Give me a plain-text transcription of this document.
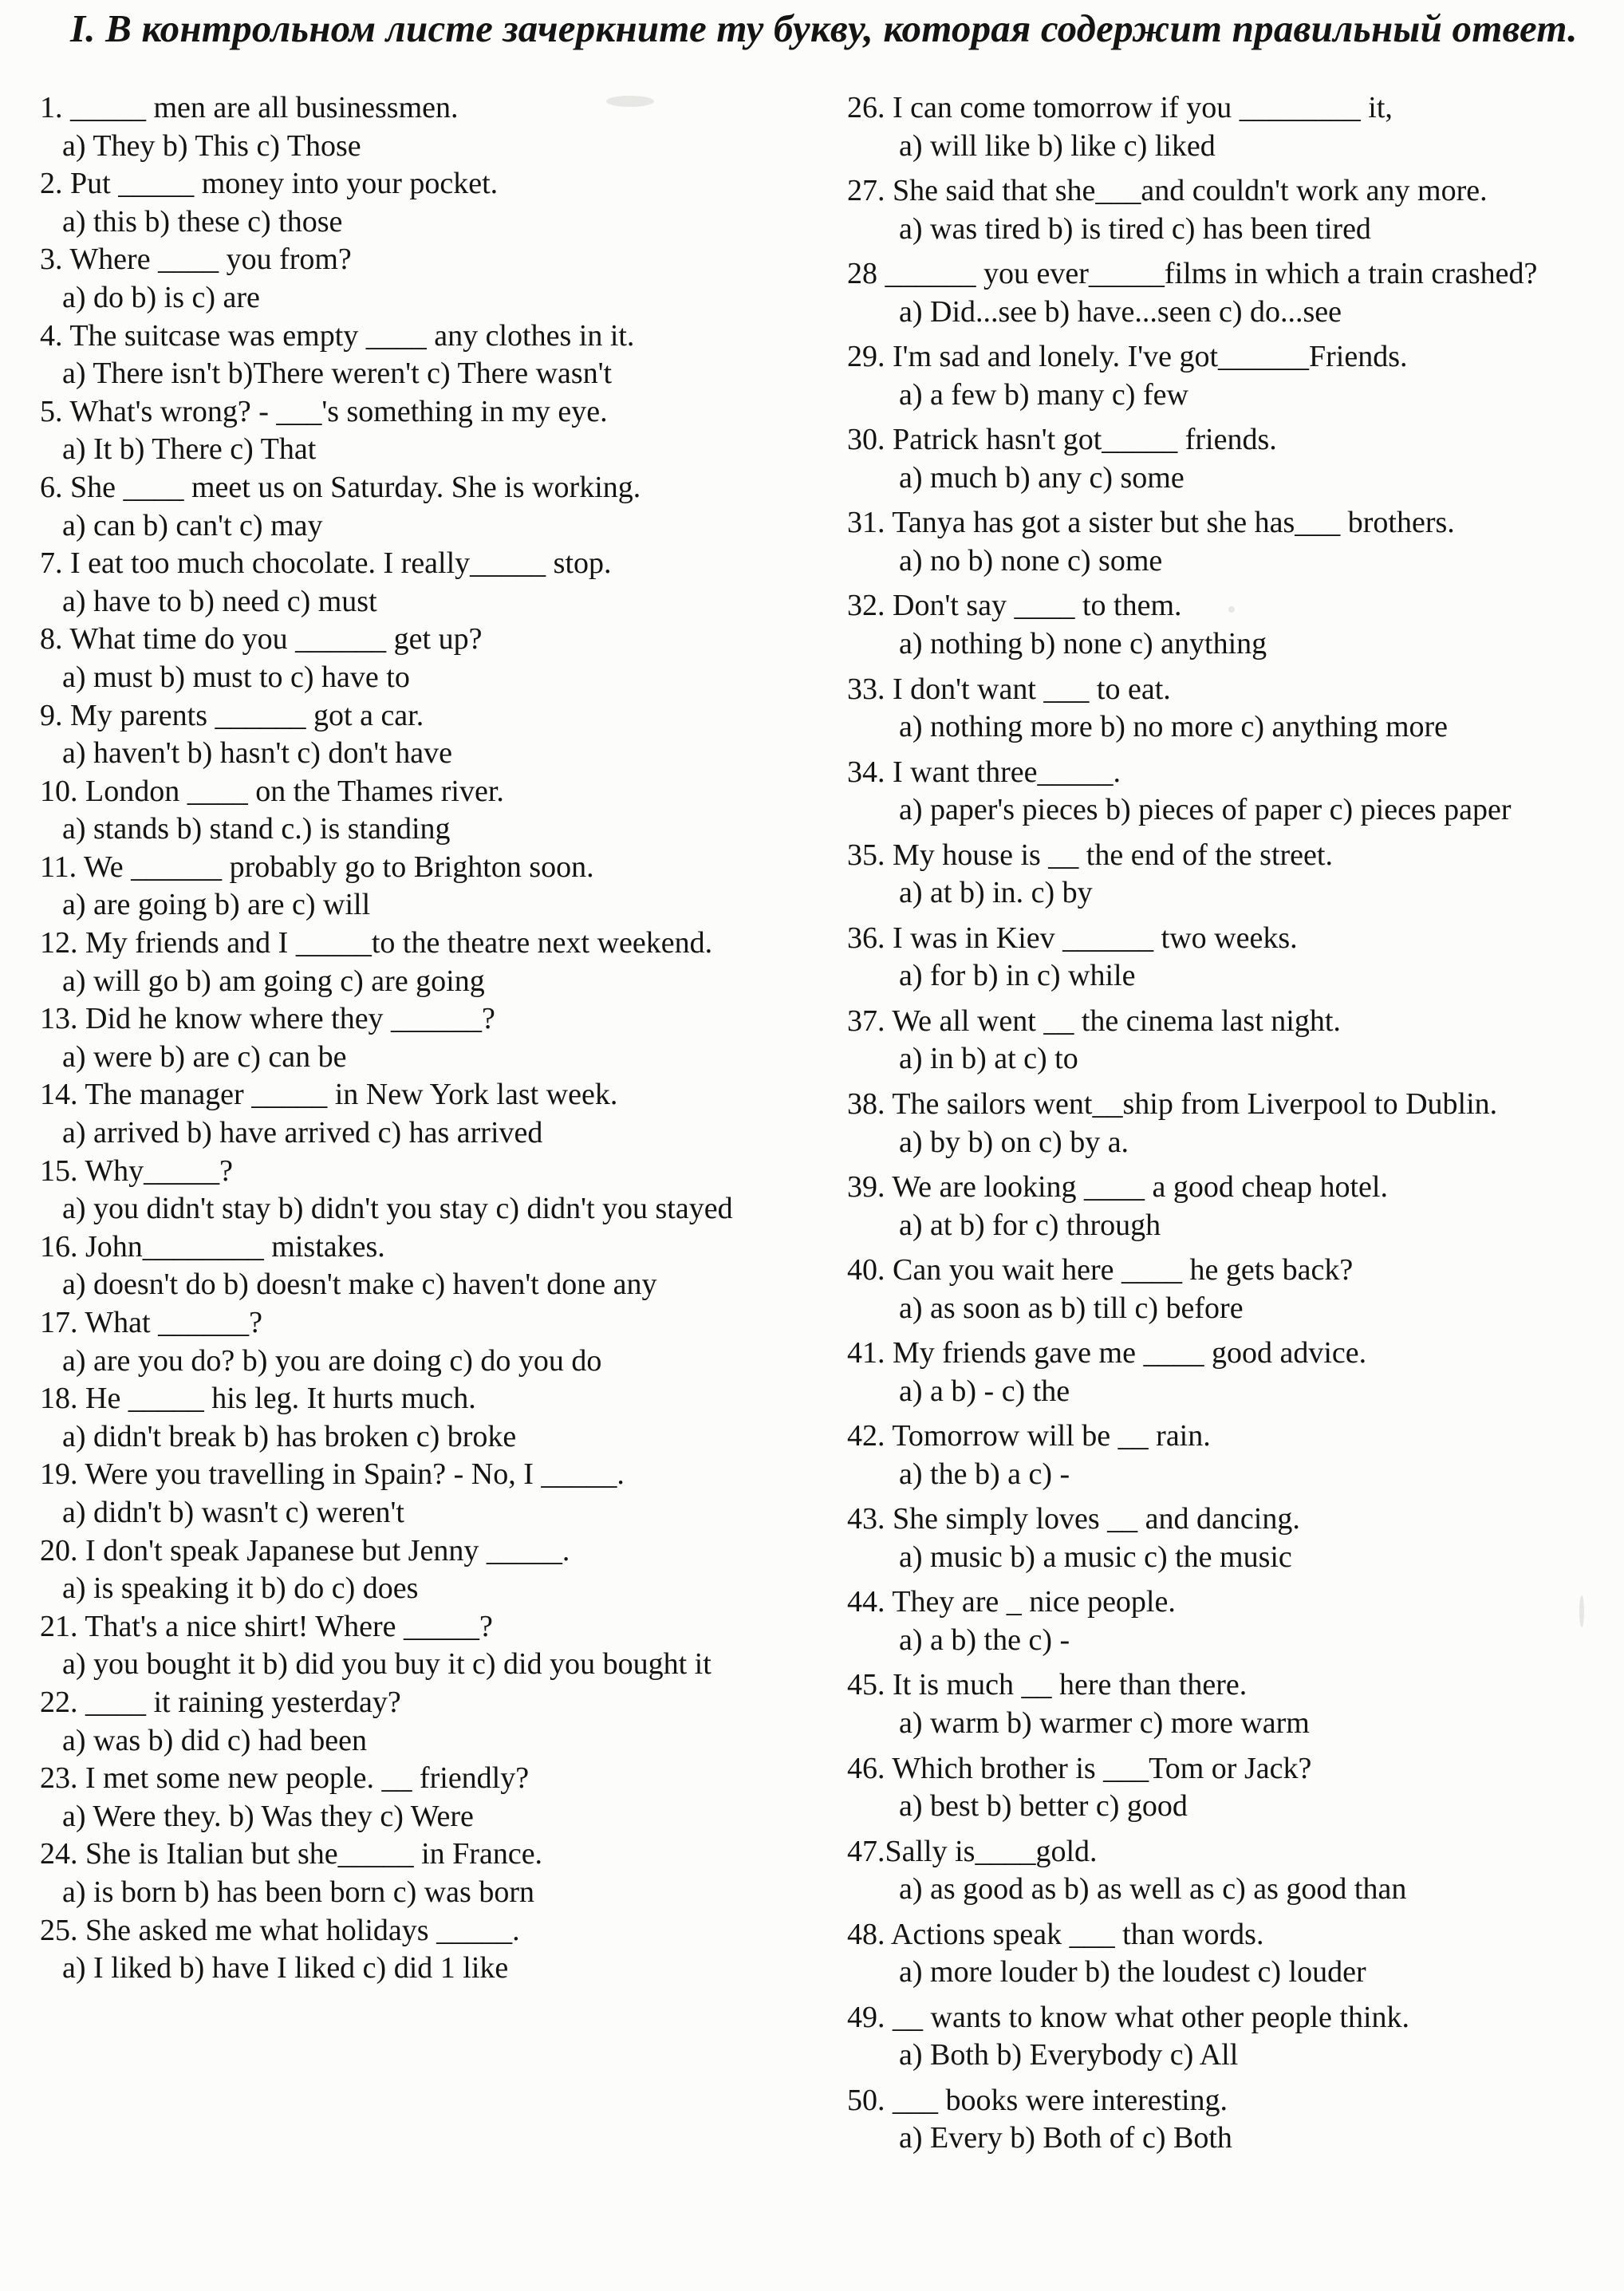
I. В контрольном листе зачеркните ту букву, которая содержит правильный ответ.
1. _____ men are all businessmen.
a) They b) This c) Those
2. Put _____ money into your pocket.
a) this b) these c) those
3. Where ____ you from?
a) do b) is c) are
4. The suitcase was empty ____ any clothes in it.
a) There isn't b)There weren't c) There wasn't
5. What's wrong? - ___'s something in my eye.
a) It b) There c) That
6. She ____ meet us on Saturday. She is working.
a) can b) can't c) may
7. I eat too much chocolate. I really_____ stop.
a) have to b) need c) must
8. What time do you ______ get up?
a) must b) must to c) have to
9. My parents ______ got a car.
a) haven't b) hasn't c) don't have
10. London ____ on the Thames river.
a) stands b) stand c.) is standing
11. We ______ probably go to Brighton soon.
a) are going b) are c) will
12. My friends and I _____to the theatre next weekend.
a) will go b) am going c) are going
13. Did he know where they ______?
a) were b) are c) can be
14. The manager _____ in New York last week.
a) arrived b) have arrived c) has arrived
15. Why_____?
a) you didn't stay b) didn't you stay c) didn't you stayed
16. John________ mistakes.
a) doesn't do b) doesn't make c) haven't done any
17. What ______?
a) are you do? b) you are doing c) do you do
18. He _____ his leg. It hurts much.
a) didn't break b) has broken c) broke
19. Were you travelling in Spain? - No, I _____.
a) didn't b) wasn't c) weren't
20. I don't speak Japanese but Jenny _____.
a) is speaking it b) do c) does
21. That's a nice shirt! Where _____?
a) you bought it b) did you buy it c) did you bought it
22. ____ it raining yesterday?
a) was b) did c) had been
23. I met some new people. __ friendly?
a) Were they. b) Was they c) Were
24. She is Italian but she_____ in France.
a) is born b) has been born c) was born
25. She asked me what holidays _____.
a) I liked b) have I liked c) did 1 like
26. I can come tomorrow if you ________ it,
a) will like b) like c) liked
27. She said that she___and couldn't work any more.
a) was tired b) is tired c) has been tired
28 ______ you ever_____films in which a train crashed?
a) Did...see b) have...seen c) do...see
29. I'm sad and lonely. I've got______Friends.
a) a few b) many c) few
30. Patrick hasn't got_____ friends.
a) much b) any c) some
31. Tanya has got a sister but she has___ brothers.
a) no b) none c) some
32. Don't say ____ to them.
a) nothing b) none c) anything
33. I don't want ___ to eat.
a) nothing more b) no more c) anything more
34. I want three_____.
a) paper's pieces b) pieces of paper c) pieces paper
35. My house is __ the end of the street.
a) at b) in. c) by
36. I was in Kiev ______ two weeks.
a) for b) in c) while
37. We all went __ the cinema last night.
a) in b) at c) to
38. The sailors went__ship from Liverpool to Dublin.
a) by b) on c) by a.
39. We are looking ____ a good cheap hotel.
a) at b) for c) through
40. Can you wait here ____ he gets back?
a) as soon as b) till c) before
41. My friends gave me ____ good advice.
a) a b) - c) the
42. Tomorrow will be __ rain.
a) the b) a c) -
43. She simply loves __ and dancing.
a) music b) a music c) the music
44. They are _ nice people.
a) a b) the c) -
45. It is much __ here than there.
a) warm b) warmer c) more warm
46. Which brother is ___Tom or Jack?
a) best b) better c) good
47.Sally is____gold.
a) as good as b) as well as c) as good than
48. Actions speak ___ than words.
a) more louder b) the loudest c) louder
49. __ wants to know what other people think.
a) Both b) Everybody c) All
50. ___ books were interesting.
a) Every b) Both of c) Both
